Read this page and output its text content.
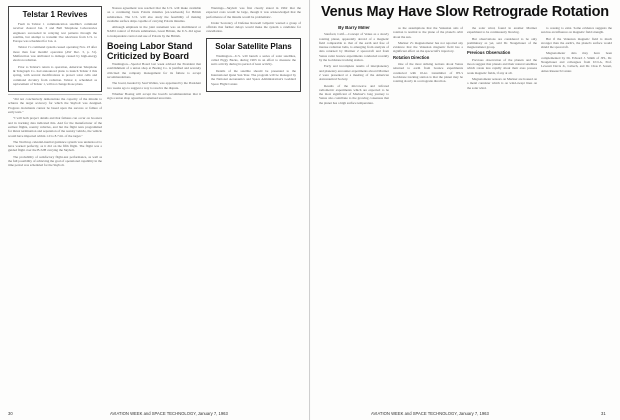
Telstar 1 Revives

Fault in Telstar 1 communication satellite's command receiver cleared Jan. 3 and Bell Telephone Laboratories engineers succeeded in relaying test patterns through the satellite, but attempt to transmit live television from U.S. to Europe was scheduled for Jan. 4.

Telstar 1's command system ceased operating Nov. 23 after more than four months' operation (AW Dec. 3, p. 31). Malfunction was attributed to damage caused by high-energy electron radiation.

Prior to Telstar's return to operation, American Telephone & Telegraph Co. had announced plans to launch Telstar 2 this spring, with several modifications to protect solar cells and command circuitry from radiation. Telstar 2, scheduled as replacement of Telstar 1, will not change those plans.

"did not conclusively demonstrate the capacity of the missile to achieve the target accuracy for which the Skybolt was designed. Progress documents cannot be based upon the success or failure of early tests."

"I will both project details and that failures can occur on boosters and in tracking data indicated this. And for the manufacturer of the earliest flights, reentry vehicles, and but the flight tests programmed for thrust termination and separation of the reentry vehicle, the vehicle would have impacted within 1.0 to 8.7 mi. of the target."

The Northrop celestial-inertial guidance system was understood to have worked perfectly, as it did on the fifth flight. The flight was a guided flight over the B-52H carrying the Skybolt.

The probability of satisfactory flight-test performance, as well as the full possibility of achieving the goal of operational capability in the time period was scheduled for the Skybolt.

Nassau agreement was reached that the U.S. will make available on a continuing basis Polaris missiles (ex-warheads) for British submarines. The U.S. will also study the feasibility of making available surface ships capable of carrying Polaris missiles.

Although emphasis in the joint statement was on multilateral or NATO control of Polaris submarines, Great Britain, the U.S. did agree to independent control and use of Polaris by the British.

Boeing Labor Stand Criticized by Board

Washington—Special Board last week advised the President that establishment of a union shop at Boeing Co. is justified and severely criticized the company management for its failure to accept recommendations.

The board, headed by Saul Wallen, was appointed by the President two weeks ago to suggest a way to resolve the dispute.

Whether Boeing will accept the board's recommendation that it sign a union shop agreement remained uncertain.

Warnings—Skybolt was first clearly stated in 1962 that the expected costs would be large, though it was acknowledged that the performance of the missile would be problematic.

Under Secretary of Defense Roswell Gilpatric warned a group of officials that further delays would make the system a candidate for cancellation.

Solar Satellite Plans

Washington—U.S. will launch a series of solar satellites, called Piggy Backs, during 1963 in an effort to measure the sun's activity during its period of least activity.

Details of the satellite should be presented to the International Quiet Sun Year. The program will be managed by the National Aeronautics and Space Administration's Goddard Space Flight Center.

30	AVIATION WEEK and SPACE TECHNOLOGY, January 7, 1963
Venus May Have Slow Retrograde Rotation

By Barry Miller

Stanford, Calif.—Concept of Venus as a slowly rotating planet, apparently devoid of a magnetic field comparable to that of the earth and free of intense radiation belts, is emerging from analysis of data returned by Mariner 2 spacecraft and from Venus radar bounce experiments conducted recently by the Goldstone tracking station.

Early and incomplete results of interplanetary and planetary encounter experiments aboard Mariner 2 were presented at a meeting of the American Astronautical Society.

Results of the microwave and infrared radiometric experiments which are expected to be the most significant of Mariner's long journey to Venus also contribute to the growing consensus that the planet has a high surface temperature.

as the assumptions that the Venusian axis of rotation is normal to the plane of the planet's orbit about the sun.

Mariner 2's magnetometer has not reported any evidence that the Venusian magnetic field has a significant effect on the spacecraft's trajectory.

Rotation Direction

One of the most striking notions about Venus returned to earth from bounce experiments conducted with 10-kc. transmitter of JPL's Goldstone tracking station is that the planet may be rotating slowly in a retrograde direction.

the solar wind, found in another Mariner experiment to be continuously blowing.

But observations are considered to be only preliminary as yet, said Dr. Neugebauer of the magnetometer group.

Previous Observation

Previous observation of the planets and the moon suggest that planets and their natural satellites which rotate less rapidly about their axes possess weak magnetic fields, if any at all.

Magnetometer sensors on Mariner are housed on a metal cannister which is on wind-swept lines on the solar wind.

to ceasing to exist. Some evidence suggests the sun has an influence on magnetic field strength.

But if the Venusian magnetic field is much stronger than the earth's, the planet's surface would shield the spacecraft.

Magnetometer data may have been complemented by Dr. Edward J. Smith of JPL, Dr. Neugebauer and colleagues from UCLA, Prof. Leverett Davis Jr., Caltech, and Dr. Chas P. Sonett, Ames Research Center.

AVIATION WEEK and SPACE TECHNOLOGY, January 7, 1963	31
